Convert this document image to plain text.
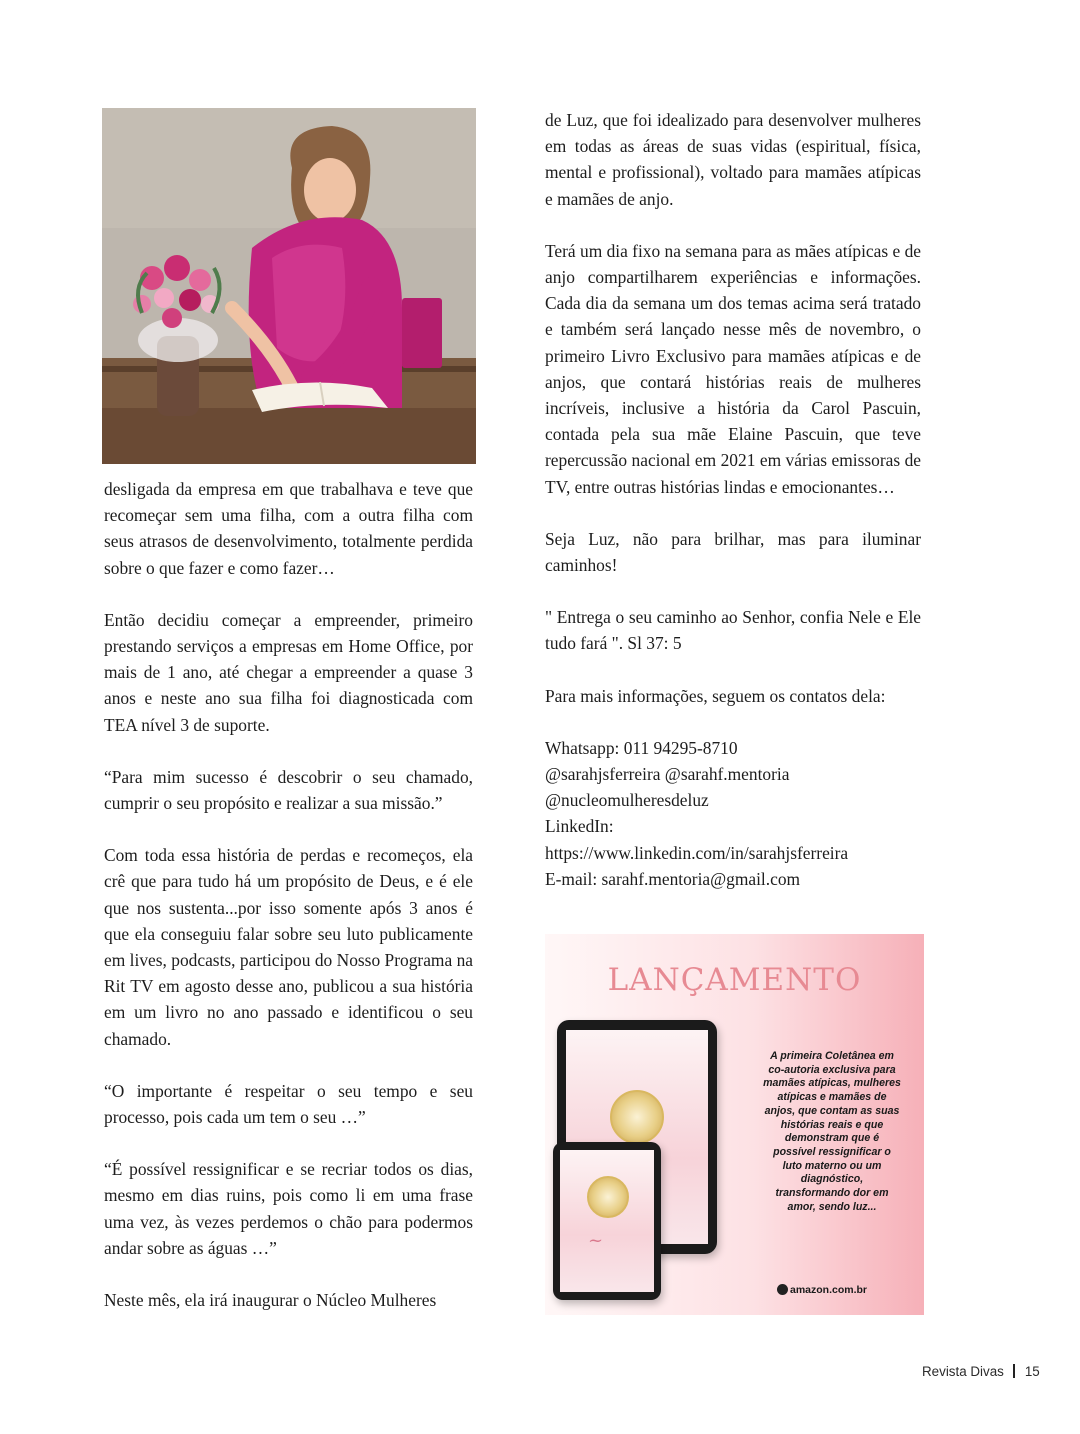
desligada da empresa em que trabalhava e teve que recomeçar sem uma filha, com a outra filha com seus atrasos de desenvolvimento, totalmente perdida sobre o que fazer e como fazer…

Então decidiu começar a empreender, primeiro prestando serviços a empresas em Home Office, por mais de 1 ano, até chegar a empreender a quase 3 anos e neste ano sua filha foi diagnosticada com TEA nível 3 de suporte.

“Para mim sucesso é descobrir o seu chamado, cumprir o seu propósito e realizar a sua missão.”

Com toda essa história de perdas e recomeços, ela crê que para tudo há um propósito de Deus, e é ele que nos sustenta...por isso somente após 3 anos é que ela conseguiu falar sobre seu luto publicamente em lives, podcasts, participou do Nosso Programa na Rit TV em agosto desse ano, publicou a sua história em um livro no ano passado e identificou o seu chamado.

“O importante é respeitar o seu tempo e seu processo, pois cada um tem o seu …”

“É possível ressignificar e se recriar todos os dias, mesmo em dias ruins, pois como li em uma frase uma vez, às vezes perdemos o chão para podermos andar sobre as águas …”

Neste mês, ela irá inaugurar o Núcleo Mulheres

de Luz, que foi idealizado para desenvolver mulheres em todas as áreas de suas vidas (espiritual, física, mental e profissional), voltado para mamães atípicas e mamães de anjo.

Terá um dia fixo na semana para as mães atípicas e de anjo compartilharem experiências e informações. Cada dia da semana um dos temas acima será tratado e também será lançado nesse mês de novembro, o primeiro Livro Exclusivo para mamães atípicas e de anjos, que contará histórias reais de mulheres incríveis, inclusive a história da Carol Pascuin, contada pela sua mãe Elaine Pascuin, que teve repercussão nacional em 2021 em várias emissoras de TV, entre outras histórias lindas e emocionantes…

Seja Luz, não para brilhar, mas para iluminar caminhos!

" Entrega o seu caminho ao Senhor, confia Nele e Ele tudo fará ". Sl 37: 5

Para mais informações, seguem os contatos dela:

Whatsapp: 011 94295-8710
@sarahjsferreira @sarahf.mentoria
@nucleomulheresdeluz
LinkedIn:
https://www.linkedin.com/in/sarahjsferreira
E-mail: sarahf.mentoria@gmail.com
LANÇAMENTO
~
A primeira Coletânea em co-autoria exclusiva para mamães atípicas, mulheres atípicas e mamães de anjos, que contam as suas histórias reais e que demonstram que é possível ressignificar o luto materno ou um diagnóstico, transformando dor em amor, sendo luz...
amazon.com.br
Revista Divas 15
